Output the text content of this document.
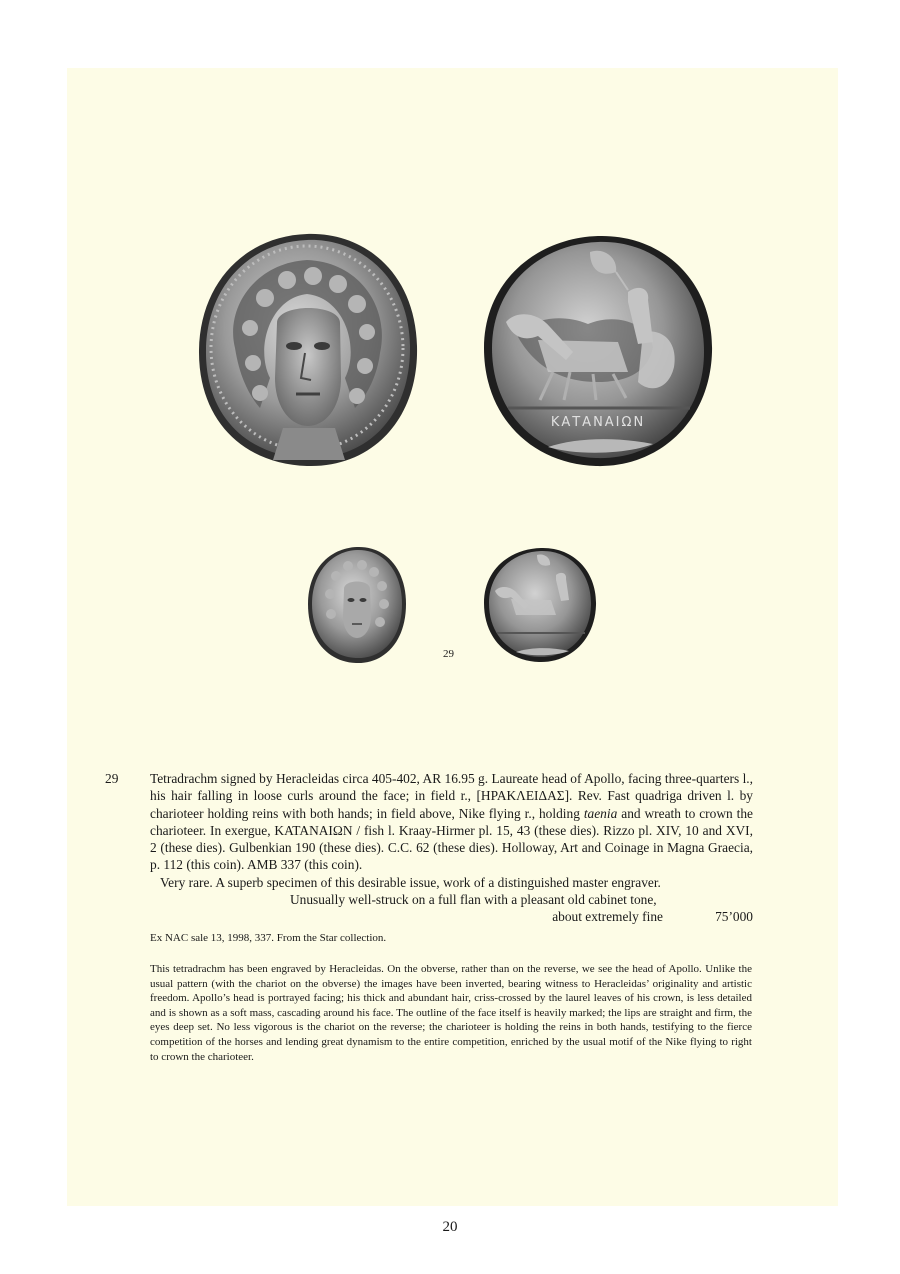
ΚΑΤΑΝΑΙΩΝ
29
29 Tetradrachm signed by Heracleidas circa 405-402, AR 16.95 g. Laureate head of Apollo, facing three-quarters l., his hair falling in loose curls around the face; in field r., [ΗΡΑΚΛΕΙΔΑΣ]. Rev. Fast quadriga driven l. by charioteer holding reins with both hands; in field above, Nike flying r., holding taenia and wreath to crown the charioteer. In exergue, ΚΑΤΑΝΑΙΩΝ / fish l. Kraay-Hirmer pl. 15, 43 (these dies). Rizzo pl. XIV, 10 and XVI, 2 (these dies). Gulbenkian 190 (these dies). C.C. 62 (these dies). Holloway, Art and Coinage in Magna Graecia, p. 112 (this coin). AMB 337 (this coin).
Very rare. A superb specimen of this desirable issue, work of a distinguished master engraver.
Unusually well-struck on a full flan with a pleasant old cabinet tone,
about extremely fine	75’000
Ex NAC sale 13, 1998, 337. From the Star collection.
This tetradrachm has been engraved by Heracleidas. On the obverse, rather than on the reverse, we see the head of Apollo. Unlike the usual pattern (with the chariot on the obverse) the images have been inverted, bearing witness to Heracleidas’ originality and artistic freedom. Apollo’s head is portrayed facing; his thick and abundant hair, criss-crossed by the laurel leaves of his crown, is less detailed and is shown as a soft mass, cascading around his face. The outline of the face itself is heavily marked; the lips are straight and firm, the eyes deep set. No less vigorous is the chariot on the reverse; the charioteer is holding the reins in both hands, testifying to the fierce competition of the horses and lending great dynamism to the entire competition, enriched by the usual motif of the Nike flying to right to crown the charioteer.
20
